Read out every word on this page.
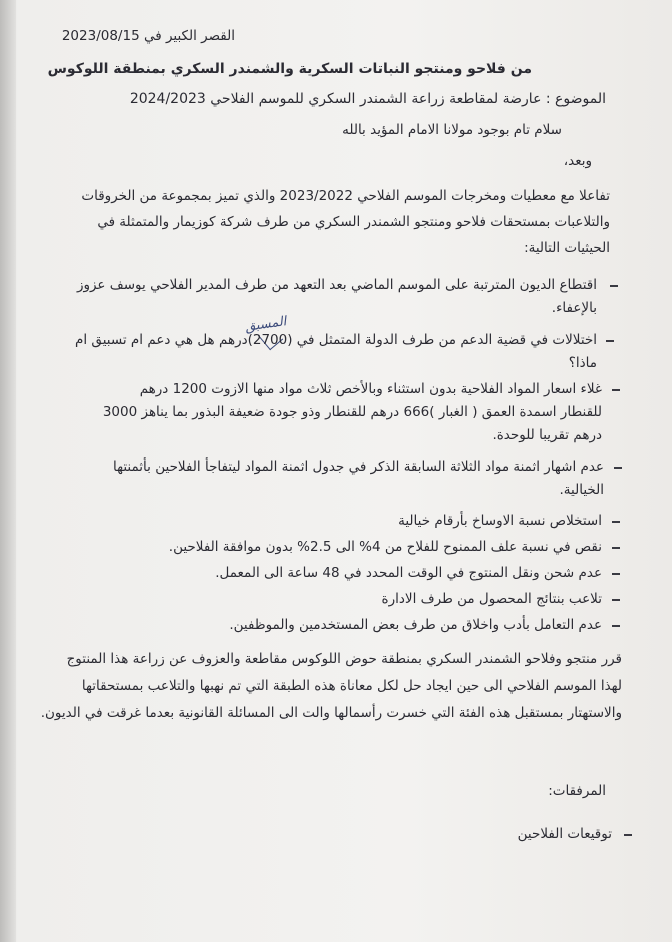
القصر الكبير في 2023/08/15
من فلاحو ومنتجو النباتات السكرية والشمندر السكري بمنطقة اللوكوس
الموضوع : عارضة لمقاطعة زراعة الشمندر السكري للموسم الفلاحي 2024/2023
سلام تام بوجود مولانا الامام المؤيد بالله
وبعد،
تفاعلا مع معطيات ومخرجات الموسم الفلاحي 2023/2022 والذي تميز بمجموعة من الخروقات
والتلاعبات بمستحقات فلاحو ومنتجو الشمندر السكري من طرف شركة كوزيمار والمتمثلة في
الحيثيات التالية:
اقتطاع الديون المترتبة على الموسم الماضي بعد التعهد من طرف المدير الفلاحي يوسف عزوز
بالإعفاء.
المسبق
اختلالات في قضية الدعم من طرف الدولة المتمثل في (2700)درهم هل هي دعم ام تسبيق ام
ماذا؟
غلاء اسعار المواد الفلاحية بدون استثناء وبالأخص ثلاث مواد منها الازوت 1200 درهم
للقنطار اسمدة العمق ( الغبار )666 درهم للقنطار وذو جودة ضعيفة البذور بما يناهز 3000
درهم تقريبا للوحدة.
عدم اشهار اثمنة مواد الثلاثة السابقة الذكر في جدول اثمنة المواد ليتفاجأ الفلاحين بأثمنتها
الخيالية.
استخلاص نسبة الاوساخ بأرقام خيالية
نقص في نسبة علف الممنوح للفلاح من 4% الى 2.5% بدون موافقة الفلاحين.
عدم شحن ونقل المنتوج في الوقت المحدد في 48 ساعة الى المعمل.
تلاعب بنتائج المحصول من طرف الادارة
عدم التعامل بأدب واخلاق من طرف بعض المستخدمين والموظفين.
قرر منتجو وفلاحو الشمندر السكري بمنطقة حوض اللوكوس مقاطعة والعزوف عن زراعة هذا المنتوج
لهذا الموسم الفلاحي الى حين ايجاد حل لكل معاناة هذه الطبقة التي تم نهبها والتلاعب بمستحقاتها
والاستهتار بمستقبل هذه الفئة التي خسرت رأسمالها والت الى المسائلة القانونية بعدما غرقت في الديون.
المرفقات:
توقيعات الفلاحين
